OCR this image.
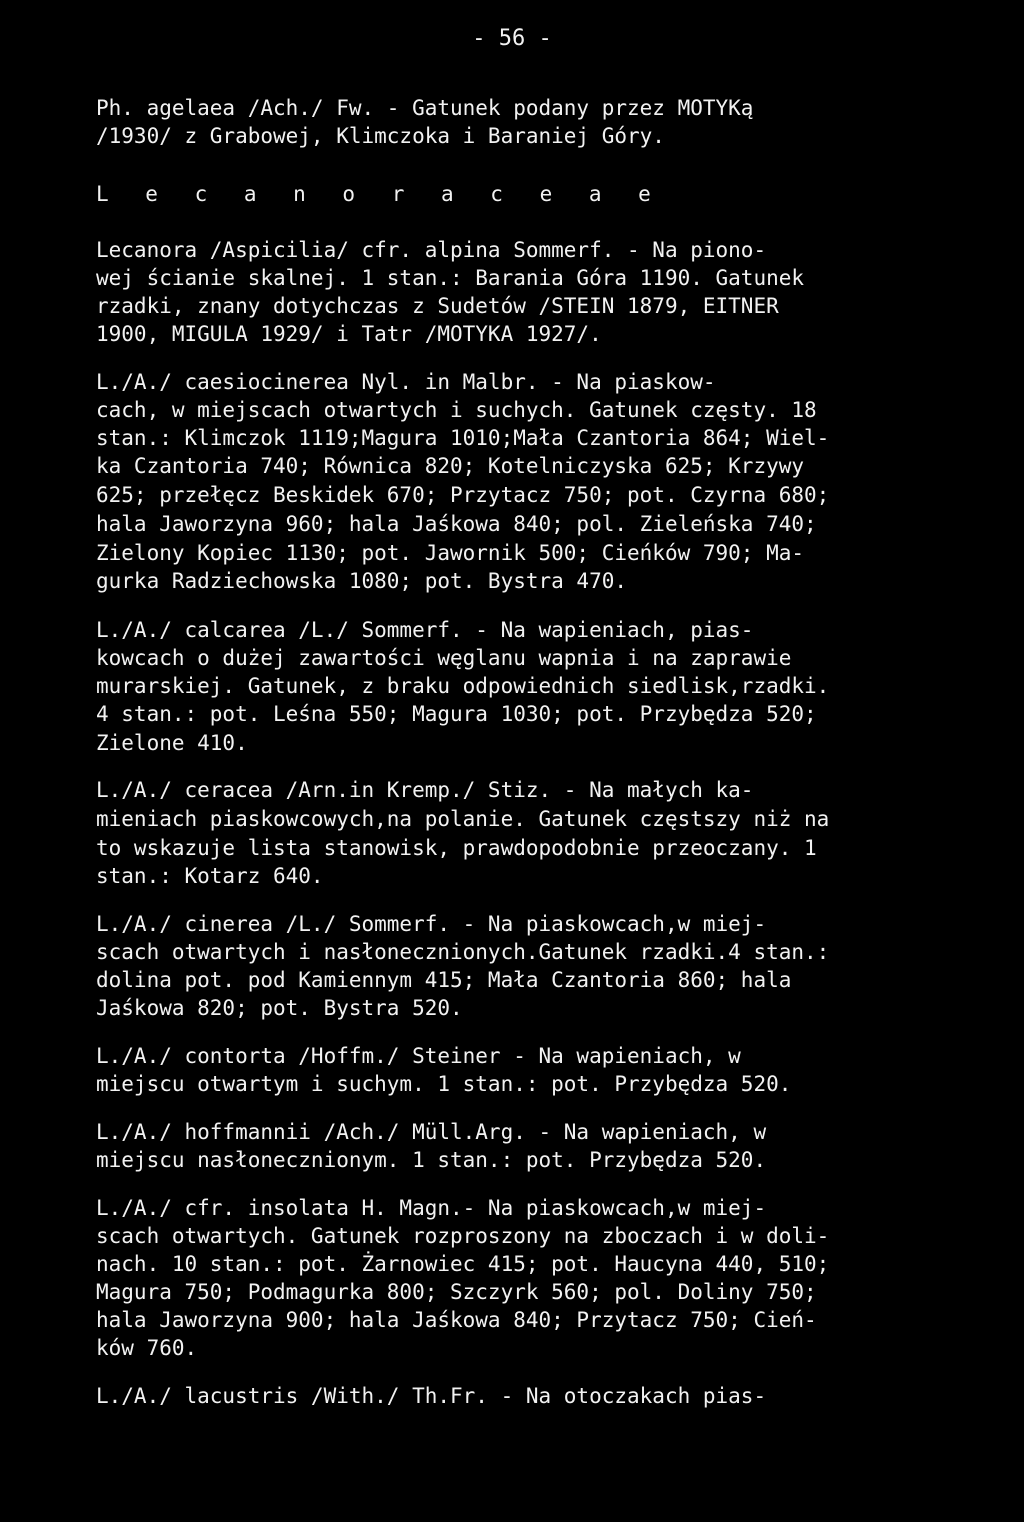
- 56 -
Ph. agelaea /Ach./ Fw. - Gatunek podany przez MOTYKą
/1930/ z Grabowej, Klimczoka i Baraniej Góry.
L e c a n o r a c e a e
Lecanora /Aspicilia/ cfr. alpina Sommerf. - Na piono-
wej ścianie skalnej. 1 stan.: Barania Góra 1190. Gatunek
rzadki, znany dotychczas z Sudetów /STEIN 1879, EITNER
1900, MIGULA 1929/ i Tatr /MOTYKA 1927/.
L./A./ caesiocinerea Nyl. in Malbr. - Na piaskow-
cach, w miejscach otwartych i suchych. Gatunek częsty. 18
stan.: Klimczok 1119;Magura 1010;Mała Czantoria 864; Wiel-
ka Czantoria 740; Równica 820; Kotelniczyska 625; Krzywy
625; przełęcz Beskidek 670; Przytacz 750; pot. Czyrna 680;
hala Jaworzyna 960; hala Jaśkowa 840; pol. Zieleńska 740;
Zielony Kopiec 1130; pot. Jawornik 500; Cieńków 790; Ma-
gurka Radziechowska 1080; pot. Bystra 470.
L./A./ calcarea /L./ Sommerf. - Na wapieniach, pias-
kowcach o dużej zawartości węglanu wapnia i na zaprawie
murarskiej. Gatunek, z braku odpowiednich siedlisk,rzadki.
4 stan.: pot. Leśna 550; Magura 1030; pot. Przybędza 520;
Zielone 410.
L./A./ ceracea /Arn.in Kremp./ Stiz. - Na małych ka-
mieniach piaskowcowych,na polanie. Gatunek częstszy niż na
to wskazuje lista stanowisk, prawdopodobnie przeoczany. 1
stan.: Kotarz 640.
L./A./ cinerea /L./ Sommerf. - Na piaskowcach,w miej-
scach otwartych i nasłonecznionych.Gatunek rzadki.4 stan.:
dolina pot. pod Kamiennym 415; Mała Czantoria 860; hala
Jaśkowa 820; pot. Bystra 520.
L./A./ contorta /Hoffm./ Steiner - Na wapieniach, w
miejscu otwartym i suchym. 1 stan.: pot. Przybędza 520.
L./A./ hoffmannii /Ach./ Müll.Arg. - Na wapieniach, w
miejscu nasłonecznionym. 1 stan.: pot. Przybędza 520.
L./A./ cfr. insolata H. Magn.- Na piaskowcach,w miej-
scach otwartych. Gatunek rozproszony na zboczach i w doli-
nach. 10 stan.: pot. Żarnowiec 415; pot. Haucyna 440, 510;
Magura 750; Podmagurka 800; Szczyrk 560; pol. Doliny 750;
hala Jaworzyna 900; hala Jaśkowa 840; Przytacz 750; Cień-
ków 760.
L./A./ lacustris /With./ Th.Fr. - Na otoczakach pias-
